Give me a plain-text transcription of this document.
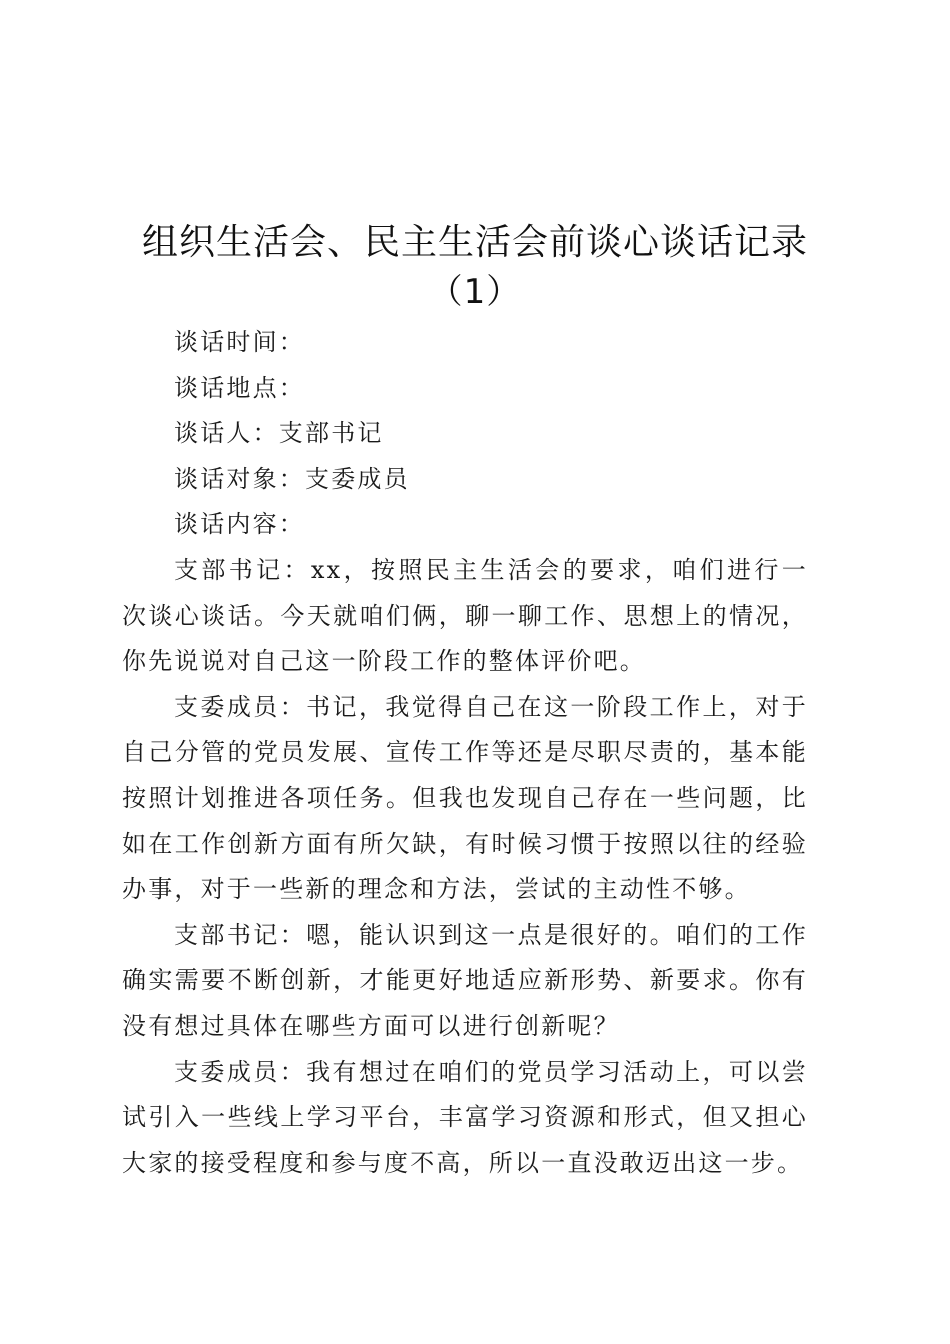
组织生活会、民主生活会前谈心谈话记录
（1）

谈话时间：

谈话地点：

谈话人：支部书记

谈话对象：支委成员

谈话内容：

支部书记：xx，按照民主生活会的要求，咱们进行一次谈心谈话。今天就咱们俩，聊一聊工作、思想上的情况，你先说说对自己这一阶段工作的整体评价吧。

支委成员：书记，我觉得自己在这一阶段工作上，对于自己分管的党员发展、宣传工作等还是尽职尽责的，基本能按照计划推进各项任务。但我也发现自己存在一些问题，比如在工作创新方面有所欠缺，有时候习惯于按照以往的经验办事，对于一些新的理念和方法，尝试的主动性不够。

支部书记：嗯，能认识到这一点是很好的。咱们的工作确实需要不断创新，才能更好地适应新形势、新要求。你有没有想过具体在哪些方面可以进行创新呢？

支委成员：我有想过在咱们的党员学习活动上，可以尝试引入一些线上学习平台，丰富学习资源和形式，但又担心大家的接受程度和参与度不高，所以一直没敢迈出这一步。
